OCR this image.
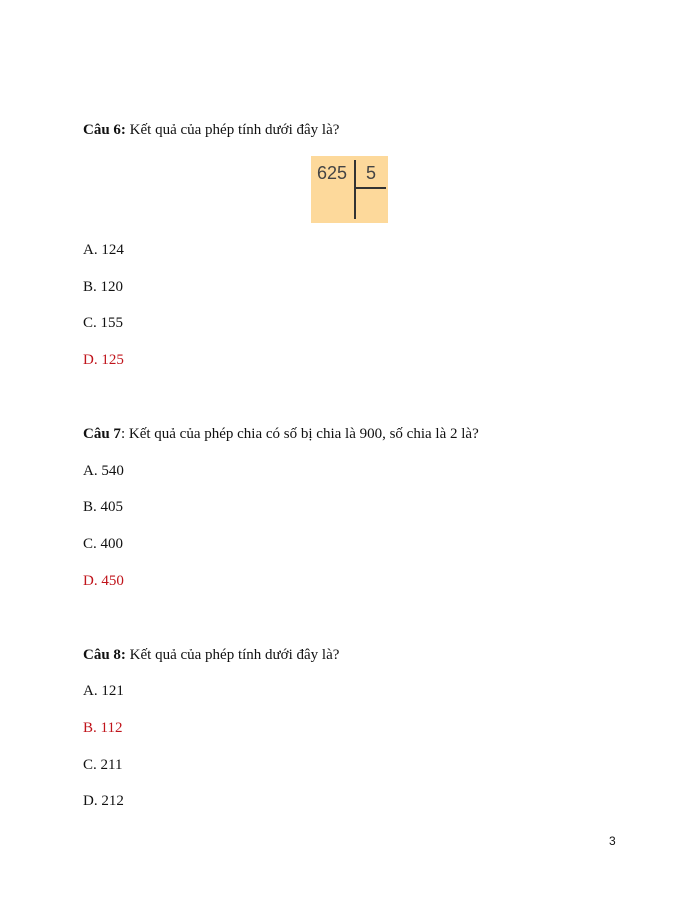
Câu 6: Kết quả của phép tính dưới đây là?
625 5
A. 124
B. 120
C. 155
D. 125
Câu 7: Kết quả của phép chia có số bị chia là 900, số chia là 2 là?
A. 540
B. 405
C. 400
D. 450
Câu 8: Kết quả của phép tính dưới đây là?
A. 121
B. 112
C. 211
D. 212
3
